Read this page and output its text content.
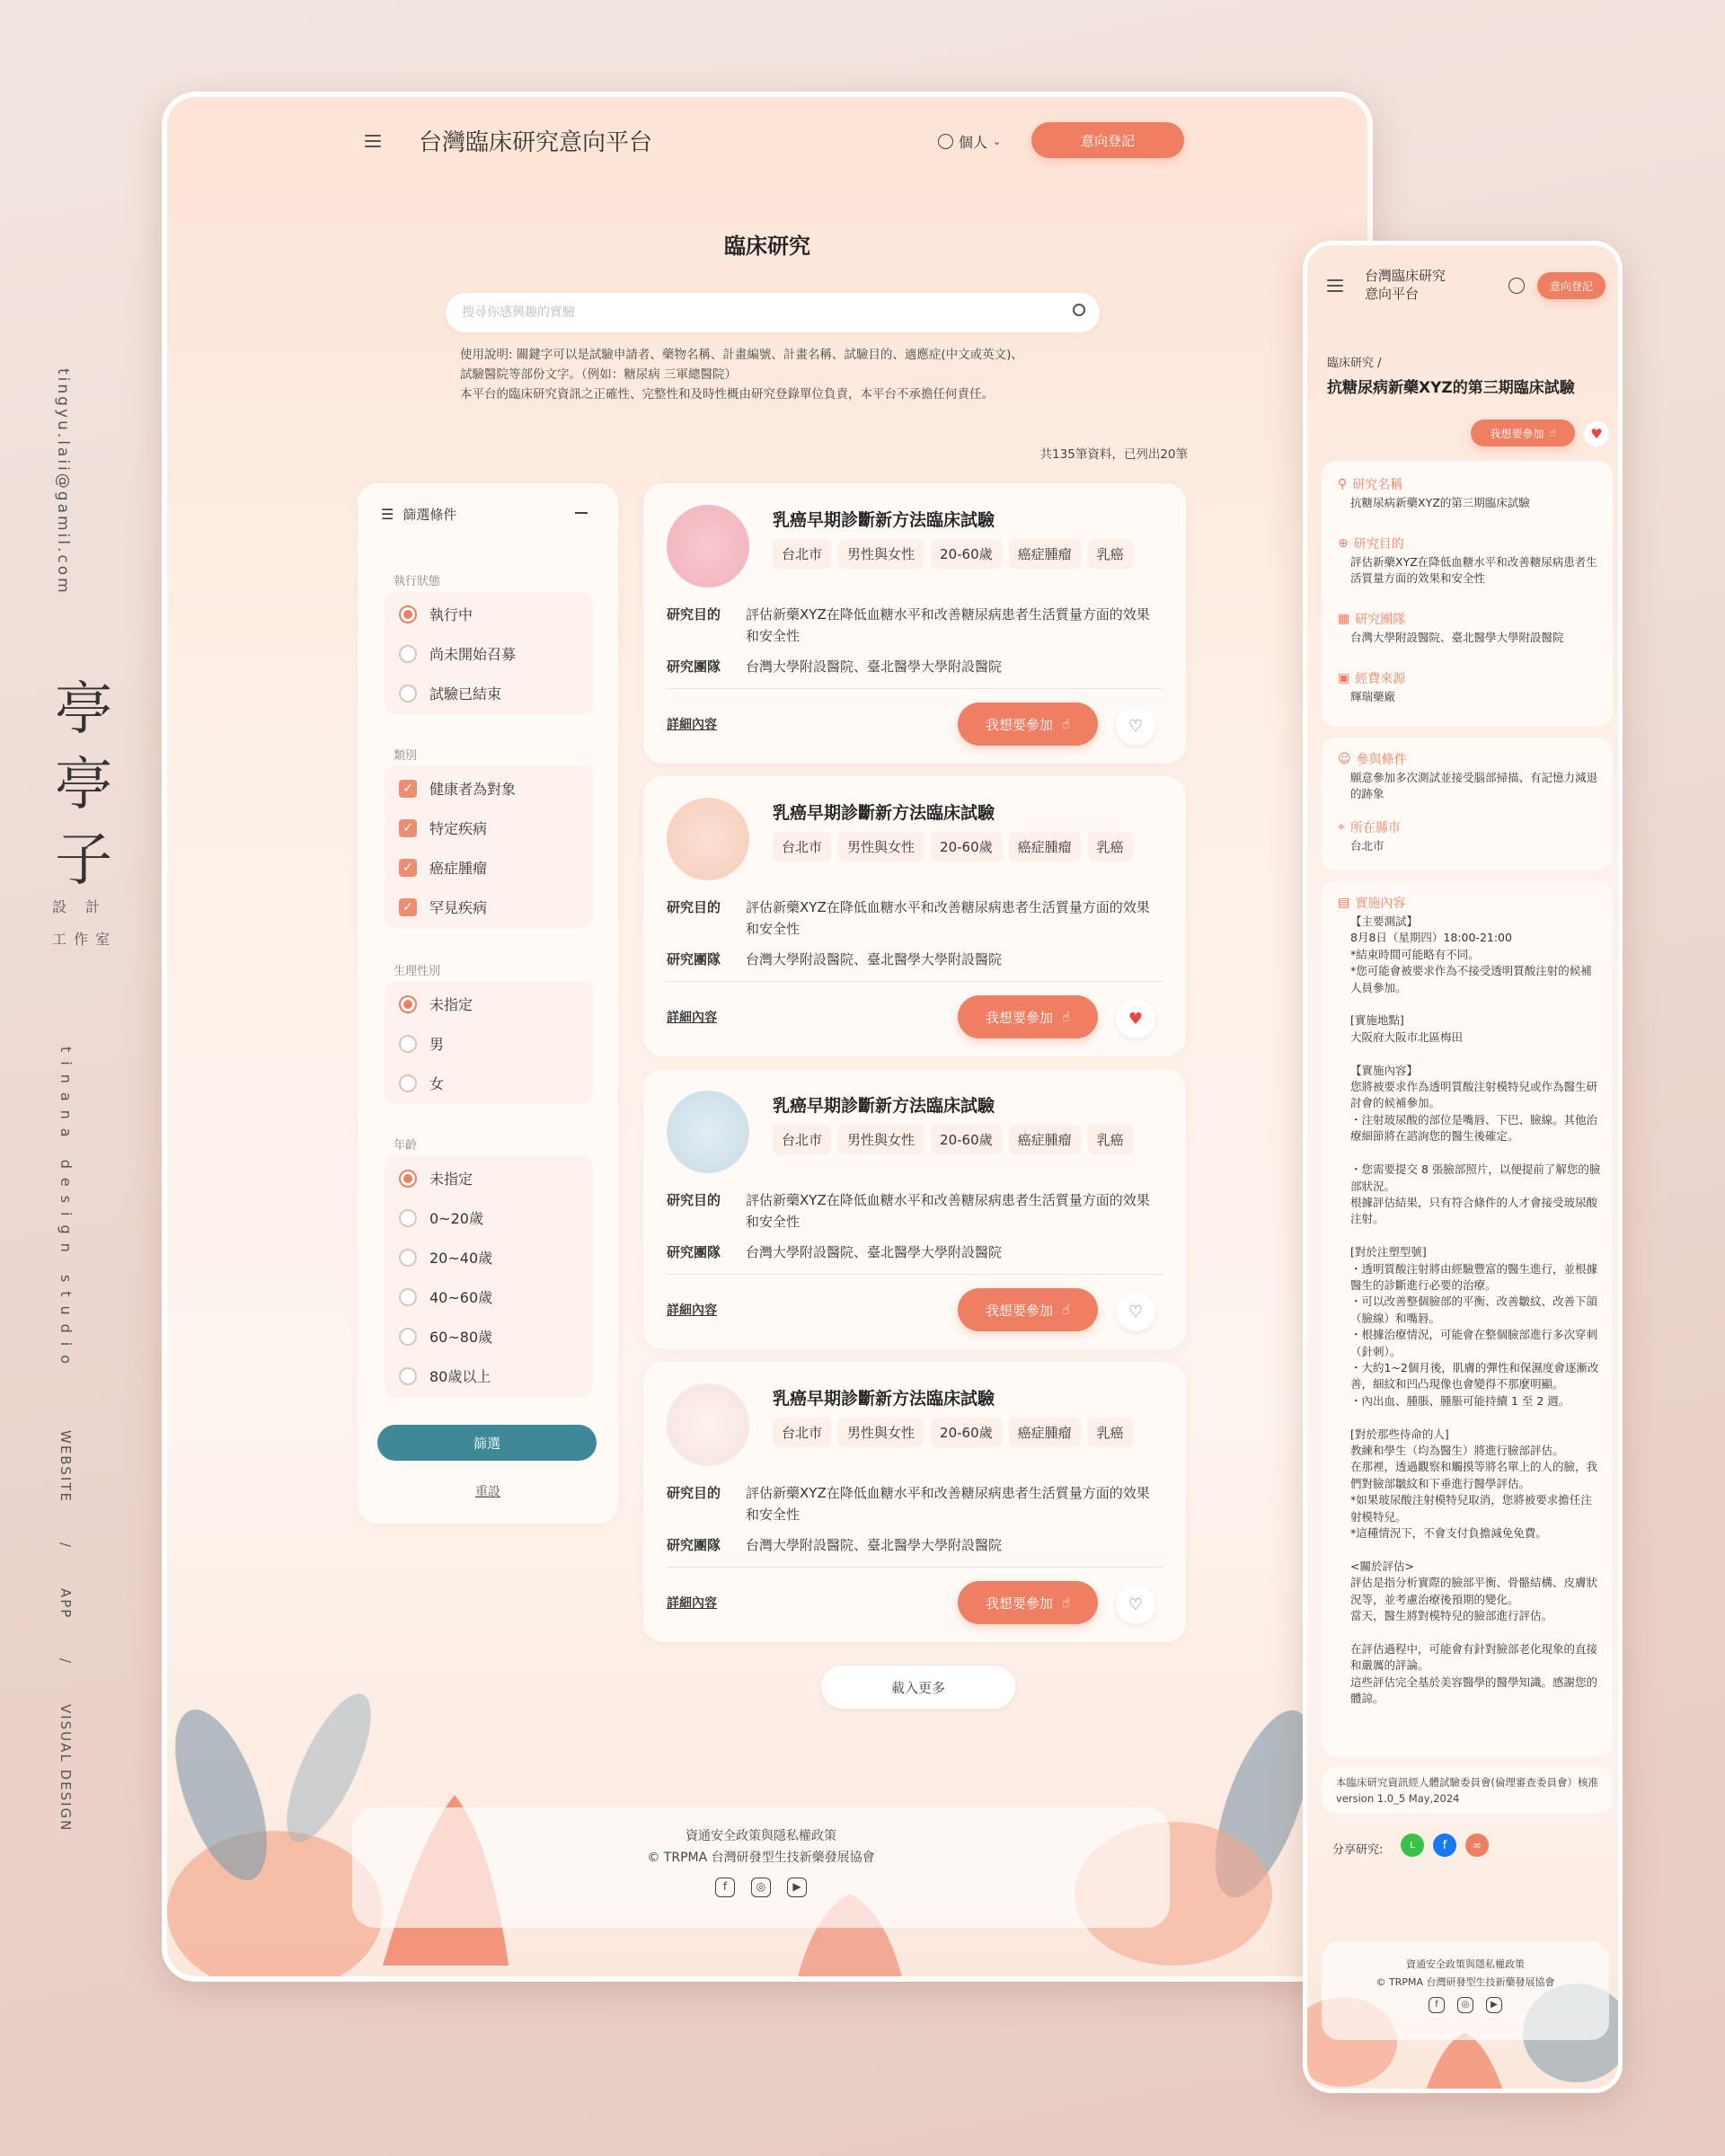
tingyu.laii@gamil.com
亭
亭
子
設 計
工作室
tinana design studio
WEBSITE/APP/VISUAL DESIGN
台灣臨床研究意向平台	個人 ⌄	意向登記
臨床研究
搜尋你感興趣的實驗
使用說明: 關鍵字可以是試驗申請者、藥物名稱、計畫編號、計畫名稱、試驗目的、適應症(中文或英文)、
試驗醫院等部份文字。（例如：糖尿病 三軍總醫院）
本平台的臨床研究資訊之正確性、完整性和及時性概由研究登錄單位負責，本平台不承擔任何責任。
共135筆資料，已列出20筆
☰ 篩選條件
執行狀態
執行中
尚未開始召募
試驗已結束
類別
✓ 健康者為對象
✓ 特定疾病
✓ 癌症腫瘤
✓ 罕見疾病
生理性別
未指定
男
女
年齡
未指定
0~20歲
20~40歲
40~60歲
60~80歲
80歲以上
篩選
重設
乳癌早期診斷新方法臨床試驗
台北市	男性與女性	20-60歲	癌症腫瘤	乳癌
研究目的 評估新藥XYZ在降低血糖水平和改善糖尿病患者生活質量方面的效果和安全性
研究團隊 台灣大學附設醫院、臺北醫學大學附設醫院
詳細內容	我想要參加 ☝	♡
乳癌早期診斷新方法臨床試驗
台北市	男性與女性	20-60歲	癌症腫瘤	乳癌
研究目的 評估新藥XYZ在降低血糖水平和改善糖尿病患者生活質量方面的效果和安全性
研究團隊 台灣大學附設醫院、臺北醫學大學附設醫院
詳細內容	我想要參加 ☝	♥
乳癌早期診斷新方法臨床試驗
台北市	男性與女性	20-60歲	癌症腫瘤	乳癌
研究目的 評估新藥XYZ在降低血糖水平和改善糖尿病患者生活質量方面的效果和安全性
研究團隊 台灣大學附設醫院、臺北醫學大學附設醫院
詳細內容	我想要參加 ☝	♡
乳癌早期診斷新方法臨床試驗
台北市	男性與女性	20-60歲	癌症腫瘤	乳癌
研究目的 評估新藥XYZ在降低血糖水平和改善糖尿病患者生活質量方面的效果和安全性
研究團隊 台灣大學附設醫院、臺北醫學大學附設醫院
詳細內容	我想要參加 ☝	♡
載入更多
資通安全政策與隱私權政策
© TRPMA 台灣研發型生技新藥發展協會
f	◎	▶
台灣臨床研究
意向平台	意向登記
臨床研究 /
抗糖尿病新藥XYZ的第三期臨床試驗
我想要參加 ☝	♥
⚲ 研究名稱
抗糖尿病新藥XYZ的第三期臨床試驗
⊕ 研究目的
評估新藥XYZ在降低血糖水平和改善糖尿病患者生活質量方面的效果和安全性
▦ 研究團隊
台灣大學附設醫院、臺北醫學大學附設醫院
▣ 經費來源
輝瑞藥廠
☺ 參與條件
願意參加多次測試並接受腦部掃描、有記憶力減退的跡象
⌖ 所在縣市
台北市
▤ 實施內容
【主要測試】
8月8日（星期四）18:00-21:00
*結束時間可能略有不同。
*您可能會被要求作為不接受透明質酸注射的候補人員參加。

[實施地點]
大阪府大阪市北區梅田

【實施內容】
您將被要求作為透明質酸注射模特兒或作為醫生研討會的候補參加。
・注射玻尿酸的部位是嘴唇、下巴、臉線。其他治療細節將在諮詢您的醫生後確定。

・您需要提交 8 張臉部照片，以便提前了解您的臉部狀況。
根據評估結果，只有符合條件的人才會接受玻尿酸注射。

[對於注塑型號]
・透明質酸注射將由經驗豐富的醫生進行，並根據醫生的診斷進行必要的治療。
・可以改善整個臉部的平衡、改善皺紋、改善下頜（臉線）和嘴唇。
・根據治療情況，可能會在整個臉部進行多次穿刺（針刺）。
・大約1~2個月後，肌膚的彈性和保濕度會逐漸改善，細紋和凹凸現像也會變得不那麼明顯。
・內出血、腫脹、腫脹可能持續 1 至 2 週。

[對於那些待命的人]
教練和學生（均為醫生）將進行臉部評估。
在那裡，透過觀察和觸摸等將名單上的人的臉，我們對臉部皺紋和下垂進行醫學評估。
*如果玻尿酸注射模特兒取消，您將被要求擔任注射模特兒。
*這種情況下，不會支付負擔減免免費。

<關於評估>
評估是指分析實際的臉部平衡、骨骼結構、皮膚狀況等，並考慮治療後預期的變化。
當天，醫生將對模特兒的臉部進行評估。

在評估過程中，可能會有針對臉部老化現象的直接和嚴厲的評論。
這些評估完全基於美容醫學的醫學知識。感謝您的體諒。
本臨床研究資訊經人體試驗委員會(倫理審查委員會）核准 version 1.0_5 May,2024
分享研究:	L	f	∞
資通安全政策與隱私權政策
© TRPMA 台灣研發型生技新藥發展協會
f	◎	▶
